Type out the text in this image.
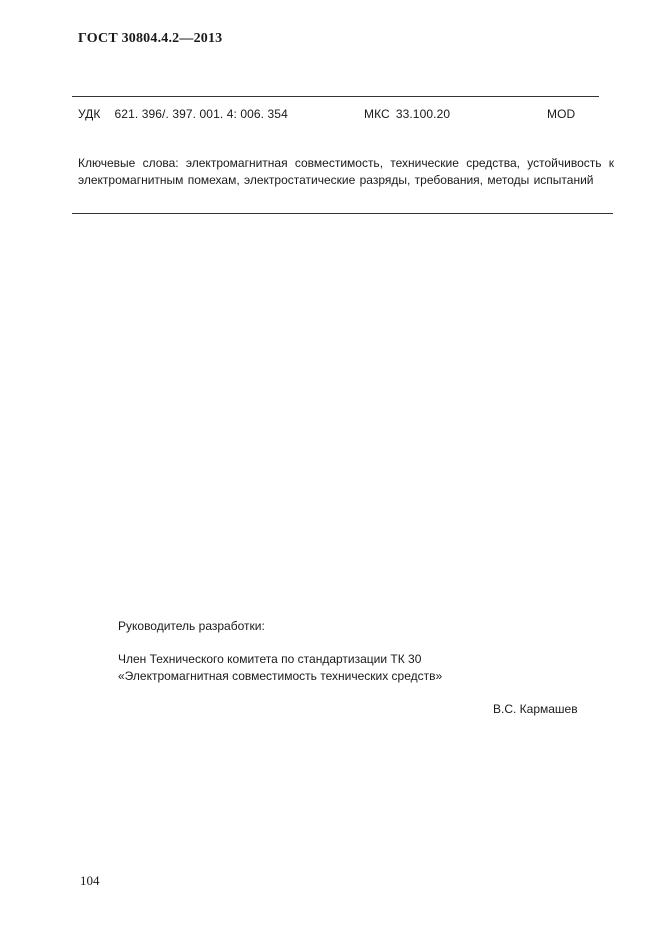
ГОСТ 30804.4.2—2013
УДК 621. 396/. 397. 001. 4: 006. 354	МКС 33.100.20	MOD
Ключевые слова: электромагнитная совместимость, технические средства, устойчивость к электромагнитным помехам, электростатические разряды, требования, методы испытаний

Руководитель разработки:

Член Технического комитета по стандартизации ТК 30

«Электромагнитная совместимость технических средств»

В.С. Кармашев
104
